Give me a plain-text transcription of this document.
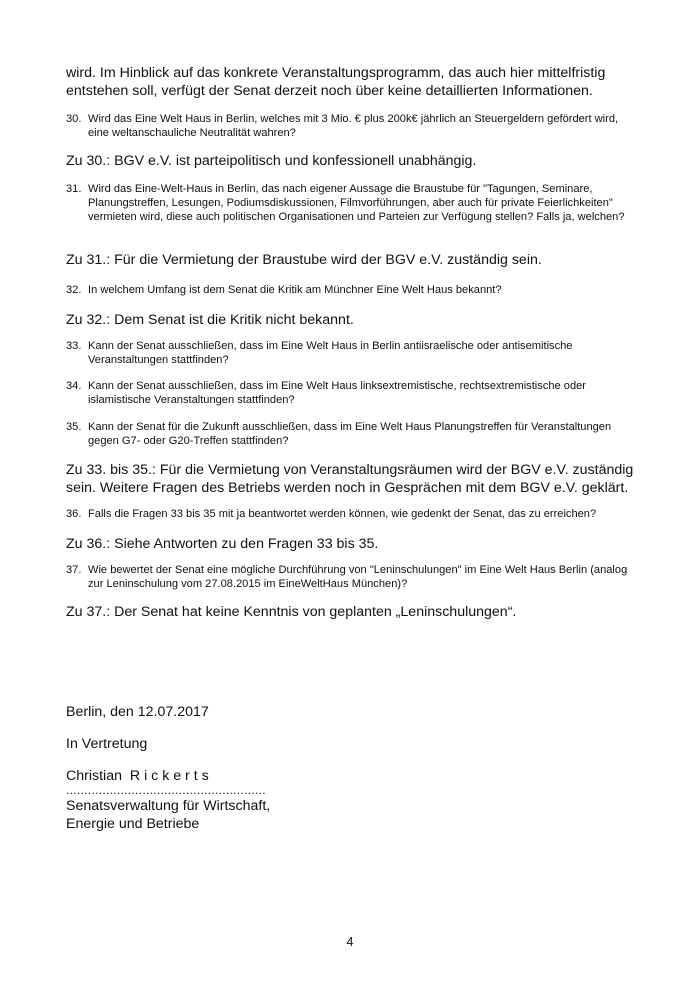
wird. Im Hinblick auf das konkrete Veranstaltungsprogramm, das auch hier mittelfristig entstehen soll, verfügt der Senat derzeit noch über keine detaillierten Informationen.

30. Wird das Eine Welt Haus in Berlin, welches mit 3 Mio. € plus 200k€ jährlich an Steuergeldern gefördert wird, eine weltanschauliche Neutralität wahren?

Zu 30.: BGV e.V. ist parteipolitisch und konfessionell unabhängig.

31. Wird das Eine-Welt-Haus in Berlin, das nach eigener Aussage die Braustube für "Tagungen, Seminare, Planungstreffen, Lesungen, Podiumsdiskussionen, Filmvorführungen, aber auch für private Feierlichkeiten" vermieten wird, diese auch politischen Organisationen und Parteien zur Verfügung stellen? Falls ja, welchen?

Zu 31.: Für die Vermietung der Braustube wird der BGV e.V. zuständig sein.

32. In welchem Umfang ist dem Senat die Kritik am Münchner Eine Welt Haus bekannt?

Zu 32.: Dem Senat ist die Kritik nicht bekannt.

33. Kann der Senat ausschließen, dass im Eine Welt Haus in Berlin antiisraelische oder antisemitische Veranstaltungen stattfinden?
34. Kann der Senat ausschließen, dass im Eine Welt Haus linksextremistische, rechtsextremistische oder islamistische Veranstaltungen stattfinden?
35. Kann der Senat für die Zukunft ausschließen, dass im Eine Welt Haus Planungstreffen für Veranstaltungen gegen G7- oder G20-Treffen stattfinden?

Zu 33. bis 35.: Für die Vermietung von Veranstaltungsräumen wird der BGV e.V. zuständig sein. Weitere Fragen des Betriebs werden noch in Gesprächen mit dem BGV e.V. geklärt.

36. Falls die Fragen 33 bis 35 mit ja beantwortet werden können, wie gedenkt der Senat, das zu erreichen?

Zu 36.: Siehe Antworten zu den Fragen 33 bis 35.

37. Wie bewertet der Senat eine mögliche Durchführung von "Leninschulungen" im Eine Welt Haus Berlin (analog zur Leninschulung vom 27.08.2015 im EineWeltHaus München)?

Zu 37.: Der Senat hat keine Kenntnis von geplanten „Leninschulungen“.

Berlin, den 12.07.2017

In Vertretung

Christian R i c k e r t s

.......................................................

Senatsverwaltung für Wirtschaft,

Energie und Betriebe

4
